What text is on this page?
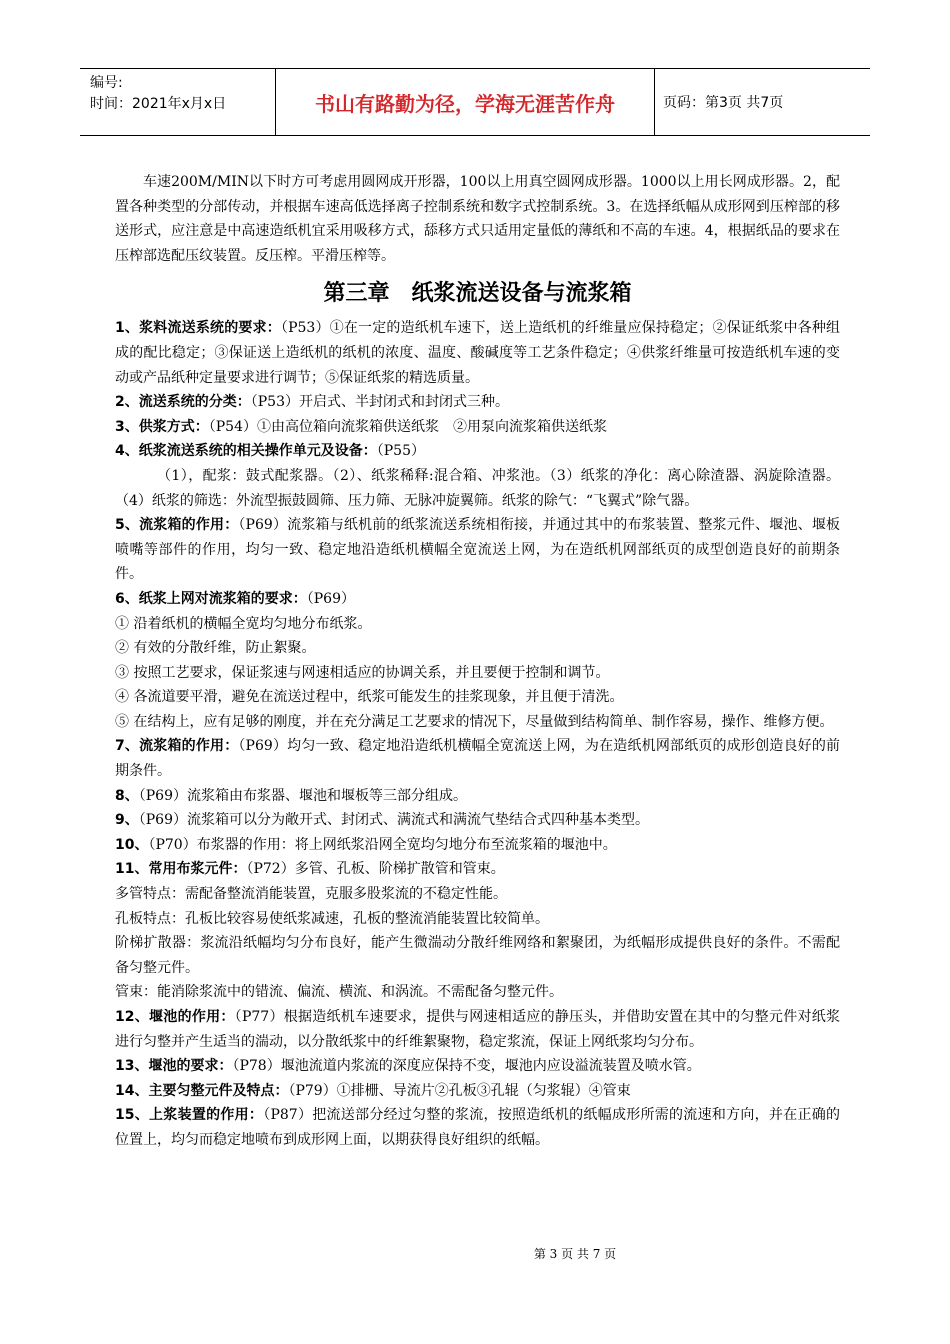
编号:
时间：2021年x月x日	书山有路勤为径，学海无涯苦作舟	页码：第3页 共7页

车速200M/MIN以下时方可考虑用圆网成开形器，100以上用真空圆网成形器。1000以上用长网成形器。2，配置各种类型的分部传动，并根据车速高低选择离子控制系统和数字式控制系统。3。在选择纸幅从成形网到压榨部的移送形式，应注意是中高速造纸机宜采用吸移方式，舔移方式只适用定量低的薄纸和不高的车速。4，根据纸品的要求在压榨部选配压纹装置。反压榨。平滑压榨等。

第三章　纸浆流送设备与流浆箱

1、浆料流送系统的要求：（P53）①在一定的造纸机车速下，送上造纸机的纤维量应保持稳定；②保证纸浆中各种组成的配比稳定；③保证送上造纸机的纸机的浓度、温度、酸碱度等工艺条件稳定；④供浆纤维量可按造纸机车速的变动或产品纸种定量要求进行调节；⑤保证纸浆的精选质量。

2、流送系统的分类：（P53）开启式、半封闭式和封闭式三种。

3、供浆方式：（P54）①由高位箱向流浆箱供送纸浆　②用泵向流浆箱供送纸浆

4、纸浆流送系统的相关操作单元及设备：（P55）

（1），配浆：鼓式配浆器。（2）、纸浆稀释:混合箱、冲浆池。（3）纸浆的净化：离心除渣器、涡旋除渣器。（4）纸浆的筛选：外流型振鼓圆筛、压力筛、无脉冲旋翼筛。纸浆的除气：“飞翼式”除气器。

5、流浆箱的作用：（P69）流浆箱与纸机前的纸浆流送系统相衔接，并通过其中的布浆装置、整浆元件、堰池、堰板喷嘴等部件的作用，均匀一致、稳定地沿造纸机横幅全宽流送上网，为在造纸机网部纸页的成型创造良好的前期条件。

6、纸浆上网对流浆箱的要求：（P69）

① 沿着纸机的横幅全宽均匀地分布纸浆。

② 有效的分散纤维，防止絮聚。

③ 按照工艺要求，保证浆速与网速相适应的协调关系，并且要便于控制和调节。

④ 各流道要平滑，避免在流送过程中，纸浆可能发生的挂浆现象，并且便于清洗。

⑤ 在结构上，应有足够的刚度，并在充分满足工艺要求的情况下，尽量做到结构简单、制作容易，操作、维修方便。

7、流浆箱的作用：（P69）均匀一致、稳定地沿造纸机横幅全宽流送上网，为在造纸机网部纸页的成形创造良好的前期条件。

8、（P69）流浆箱由布浆器、堰池和堰板等三部分组成。

9、（P69）流浆箱可以分为敞开式、封闭式、满流式和满流气垫结合式四种基本类型。

10、（P70）布浆器的作用：将上网纸浆沿网全宽均匀地分布至流浆箱的堰池中。

11、常用布浆元件：（P72）多管、孔板、阶梯扩散管和管束。

多管特点：需配备整流消能装置，克服多股浆流的不稳定性能。

孔板特点：孔板比较容易使纸浆减速，孔板的整流消能装置比较简单。

阶梯扩散器：浆流沿纸幅均匀分布良好，能产生微湍动分散纤维网络和絮聚团，为纸幅形成提供良好的条件。不需配备匀整元件。

管束：能消除浆流中的错流、偏流、横流、和涡流。不需配备匀整元件。

12、堰池的作用：（P77）根据造纸机车速要求，提供与网速相适应的静压头，并借助安置在其中的匀整元件对纸浆进行匀整并产生适当的湍动，以分散纸浆中的纤维絮聚物，稳定浆流，保证上网纸浆均匀分布。

13、堰池的要求：（P78）堰池流道内浆流的深度应保持不变，堰池内应设溢流装置及喷水管。

14、主要匀整元件及特点：（P79）①排栅、导流片②孔板③孔辊（匀浆辊）④管束

15、上浆装置的作用：（P87）把流送部分经过匀整的浆流，按照造纸机的纸幅成形所需的流速和方向，并在正确的位置上，均匀而稳定地喷布到成形网上面，以期获得良好组织的纸幅。

第 3 页 共 7 页
